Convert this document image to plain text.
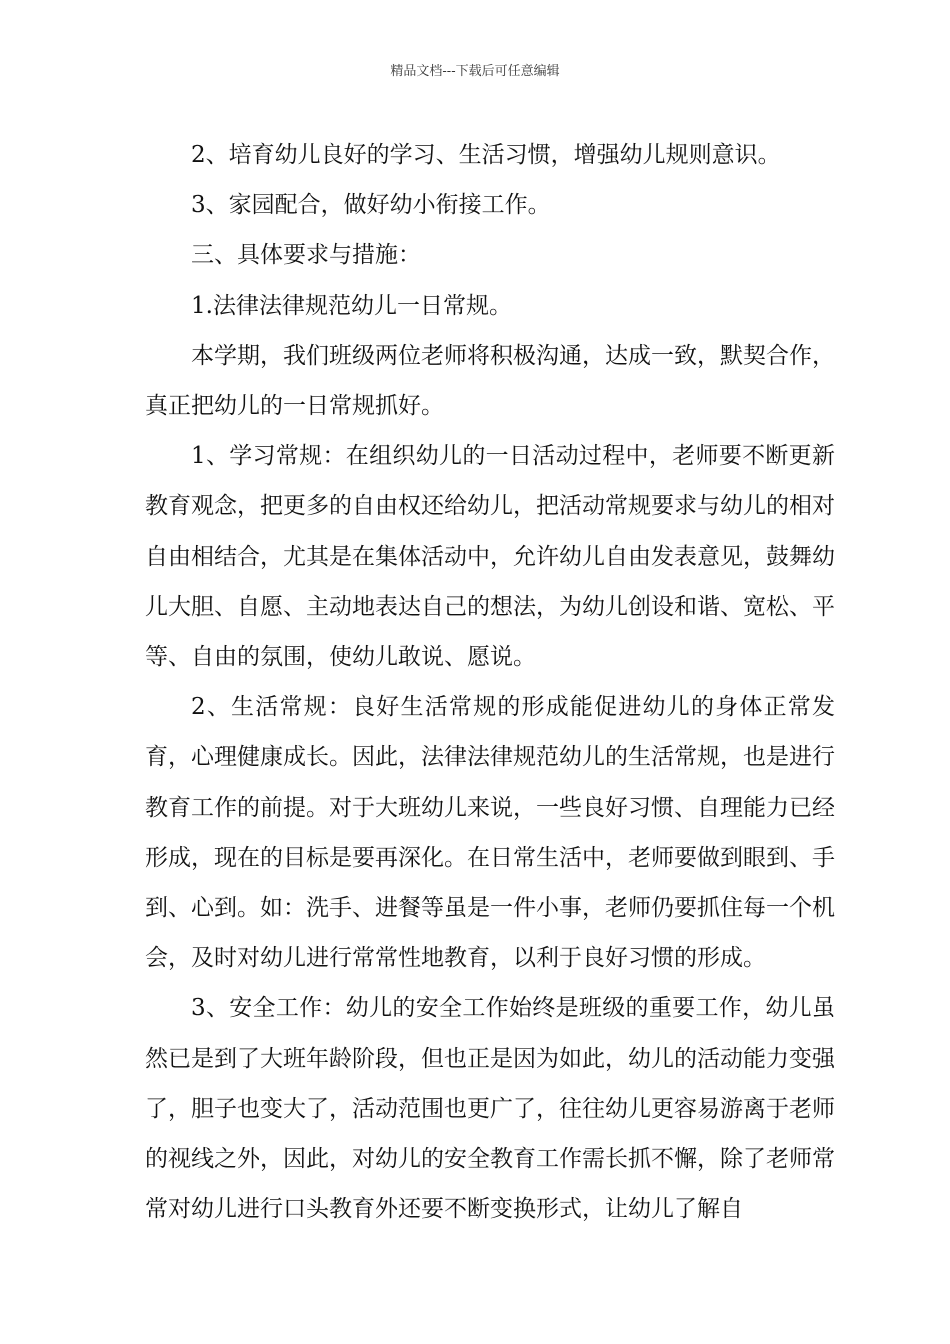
精品文档---下载后可任意编辑

2、培育幼儿良好的学习、生活习惯，增强幼儿规则意识。

3、家园配合，做好幼小衔接工作。

三、具体要求与措施：

1.法律法律规范幼儿一日常规。

本学期，我们班级两位老师将积极沟通，达成一致，默契合作，真正把幼儿的一日常规抓好。

1、学习常规：在组织幼儿的一日活动过程中，老师要不断更新教育观念，把更多的自由权还给幼儿，把活动常规要求与幼儿的相对自由相结合，尤其是在集体活动中，允许幼儿自由发表意见，鼓舞幼儿大胆、自愿、主动地表达自己的想法，为幼儿创设和谐、宽松、平等、自由的氛围，使幼儿敢说、愿说。

2、生活常规：良好生活常规的形成能促进幼儿的身体正常发育，心理健康成长。因此，法律法律规范幼儿的生活常规，也是进行教育工作的前提。对于大班幼儿来说，一些良好习惯、自理能力已经形成，现在的目标是要再深化。在日常生活中，老师要做到眼到、手到、心到。如：洗手、进餐等虽是一件小事，老师仍要抓住每一个机会，及时对幼儿进行常常性地教育，以利于良好习惯的形成。

3、安全工作：幼儿的安全工作始终是班级的重要工作，幼儿虽然已是到了大班年龄阶段，但也正是因为如此，幼儿的活动能力变强了，胆子也变大了，活动范围也更广了，往往幼儿更容易游离于老师的视线之外，因此，对幼儿的安全教育工作需长抓不懈，除了老师常常对幼儿进行口头教育外还要不断变换形式，让幼儿了解自
